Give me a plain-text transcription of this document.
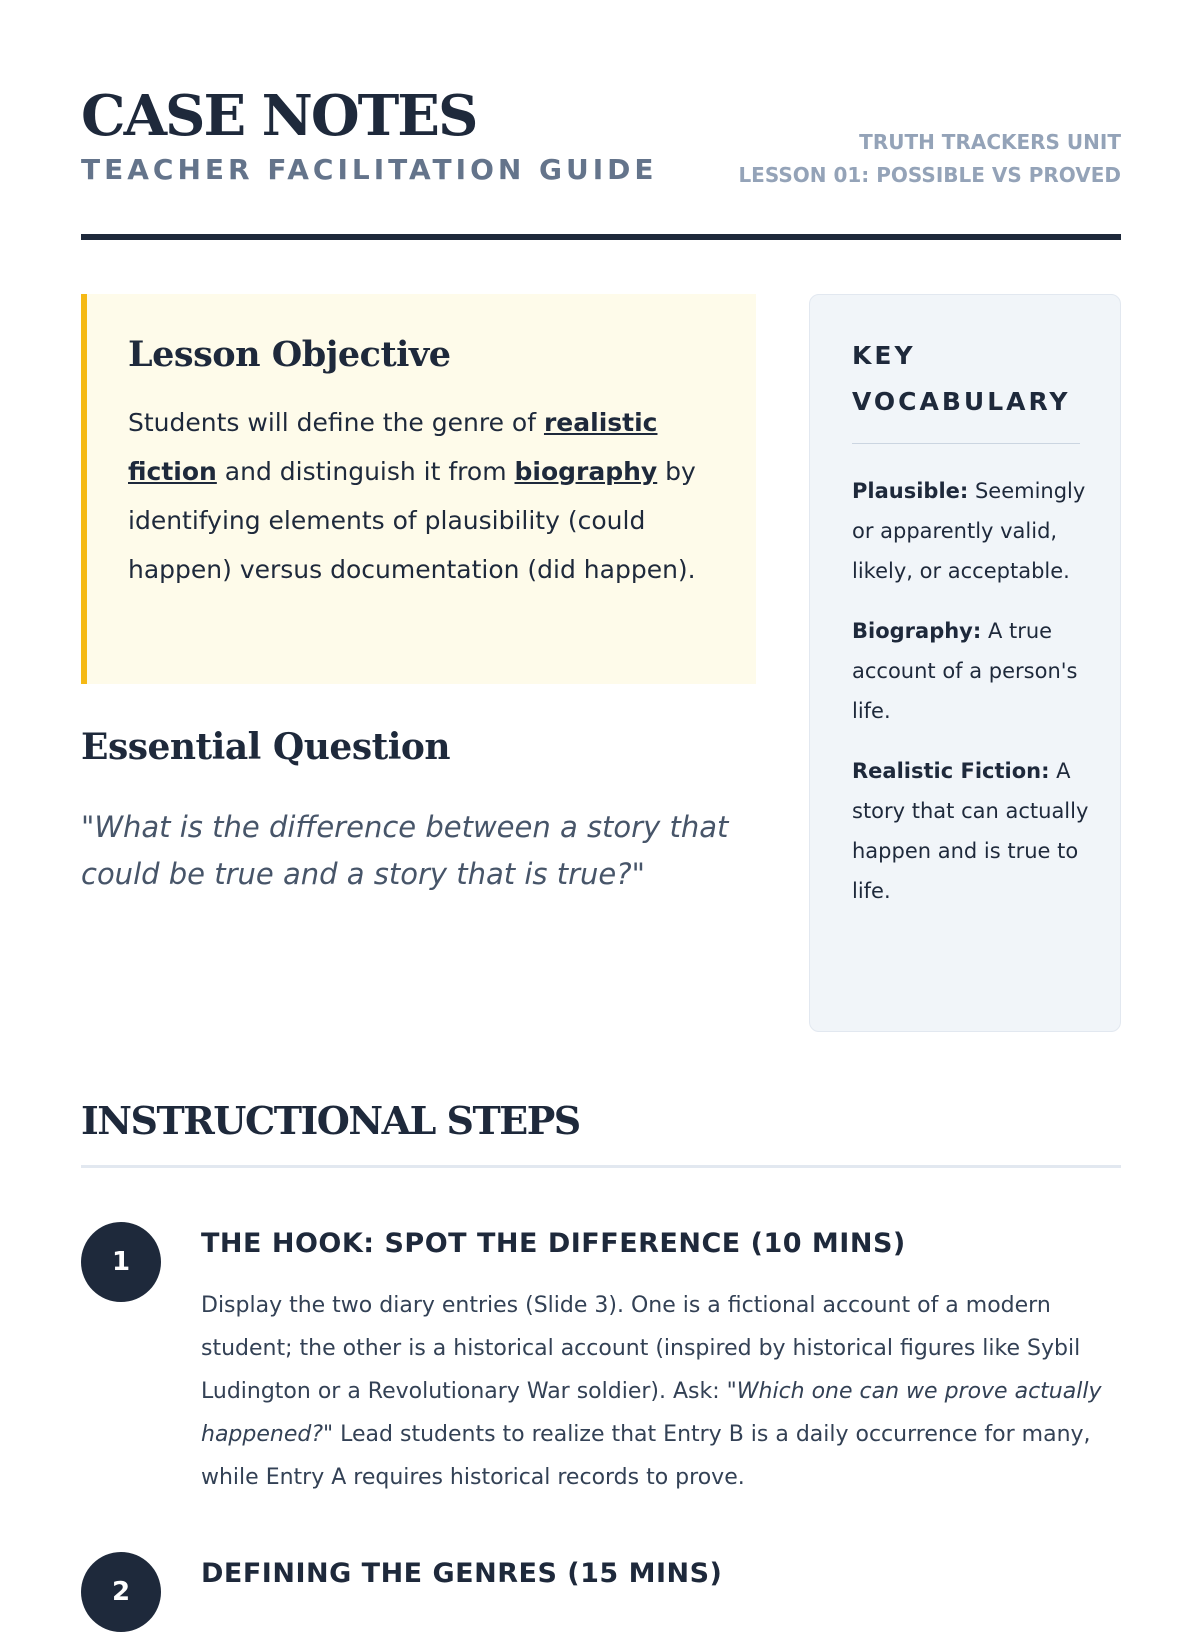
CASE NOTES
TEACHER FACILITATION GUIDE
TRUTH TRACKERS UNIT
LESSON 01: POSSIBLE VS PROVED
Lesson Objective

Students will define the genre of realistic fiction and distinguish it from biography by identifying elements of plausibility (could happen) versus documentation (did happen).

Essential Question

"What is the difference between a story that could be true and a story that is true?"

KEY VOCABULARY
Plausible: Seemingly or apparently valid, likely, or acceptable.
Biography: A true account of a person's life.
Realistic Fiction: A story that can actually happen and is true to life.
INSTRUCTIONAL STEPS
1
THE HOOK: SPOT THE DIFFERENCE (10 MINS)

Display the two diary entries (Slide 3). One is a fictional account of a modern student; the other is a historical account (inspired by historical figures like Sybil Ludington or a Revolutionary War soldier). Ask: "Which one can we prove actually happened?" Lead students to realize that Entry B is a daily occurrence for many, while Entry A requires historical records to prove.

2
DEFINING THE GENRES (15 MINS)
